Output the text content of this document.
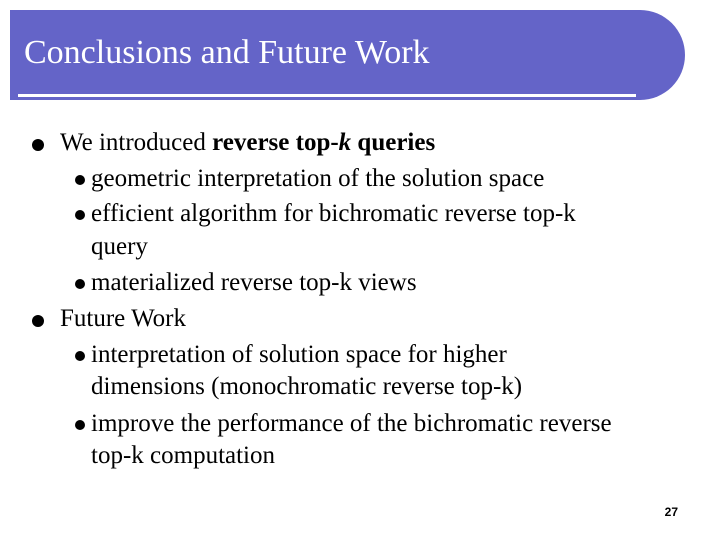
Conclusions and Future Work
We introduced reverse top-k queries
geometric interpretation of the solution space
efficient algorithm for bichromatic reverse top-k
query
materialized reverse top-k views
Future Work
interpretation of solution space for higher
dimensions (monochromatic reverse top-k)
improve the performance of the bichromatic reverse
top-k computation
27
